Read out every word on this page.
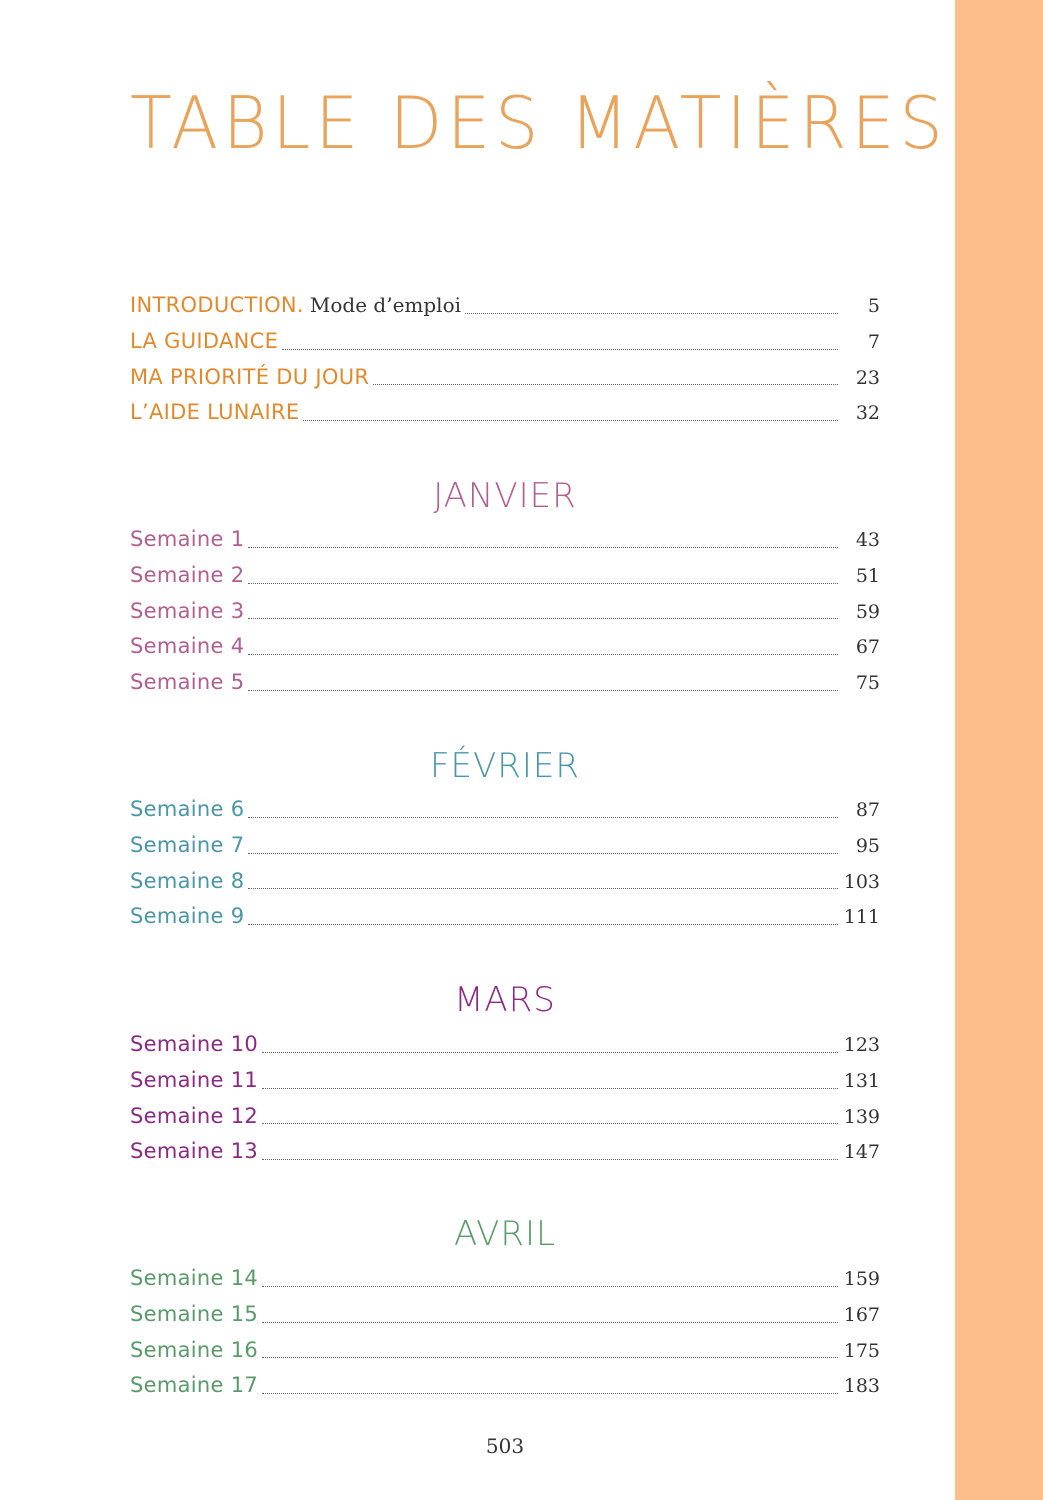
TABLE DES MATIÈRES
INTRODUCTION. Mode d’emploi	5
LA GUIDANCE	7
MA PRIORITÉ DU JOUR	23
L’AIDE LUNAIRE	32
JANVIER
Semaine 1	43
Semaine 2	51
Semaine 3	59
Semaine 4	67
Semaine 5	75
FÉVRIER
Semaine 6	87
Semaine 7	95
Semaine 8	103
Semaine 9	111
MARS
Semaine 10	123
Semaine 11	131
Semaine 12	139
Semaine 13	147
AVRIL
Semaine 14	159
Semaine 15	167
Semaine 16	175
Semaine 17	183
503
